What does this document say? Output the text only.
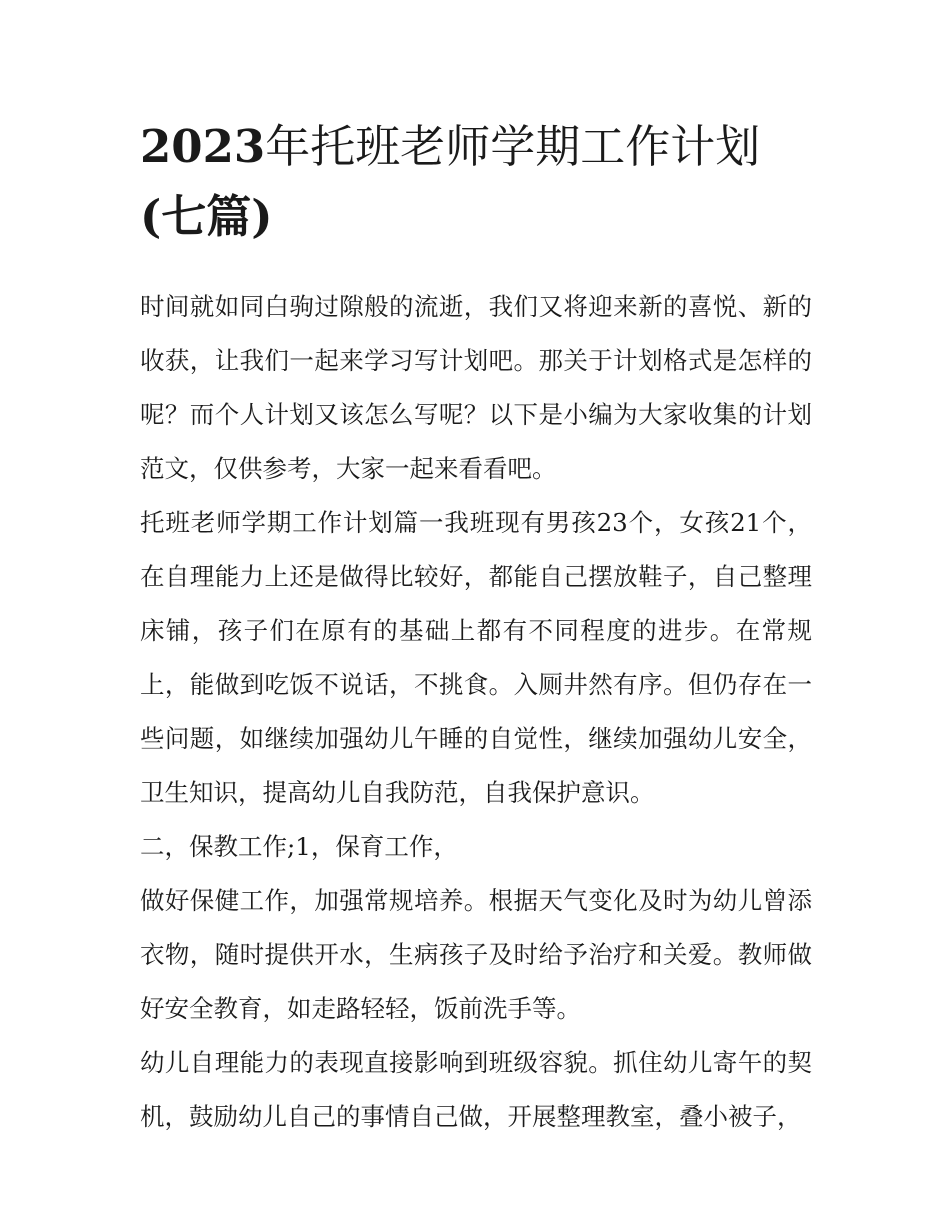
2023年托班老师学期工作计划
(七篇)

时间就如同白驹过隙般的流逝，我们又将迎来新的喜悦、新的收获，让我们一起来学习写计划吧。那关于计划格式是怎样的呢？而个人计划又该怎么写呢？以下是小编为大家收集的计划范文，仅供参考，大家一起来看看吧。

托班老师学期工作计划篇一我班现有男孩23个，女孩21个，在自理能力上还是做得比较好，都能自己摆放鞋子，自己整理床铺，孩子们在原有的基础上都有不同程度的进步。在常规上，能做到吃饭不说话，不挑食。入厕井然有序。但仍存在一些问题，如继续加强幼儿午睡的自觉性，继续加强幼儿安全，卫生知识，提高幼儿自我防范，自我保护意识。

二，保教工作;1，保育工作，

做好保健工作，加强常规培养。根据天气变化及时为幼儿曾添衣物，随时提供开水，生病孩子及时给予治疗和关爱。教师做好安全教育，如走路轻轻，饭前洗手等。

幼儿自理能力的表现直接影响到班级容貌。抓住幼儿寄午的契机，鼓励幼儿自己的事情自己做，开展整理教室，叠小被子，
